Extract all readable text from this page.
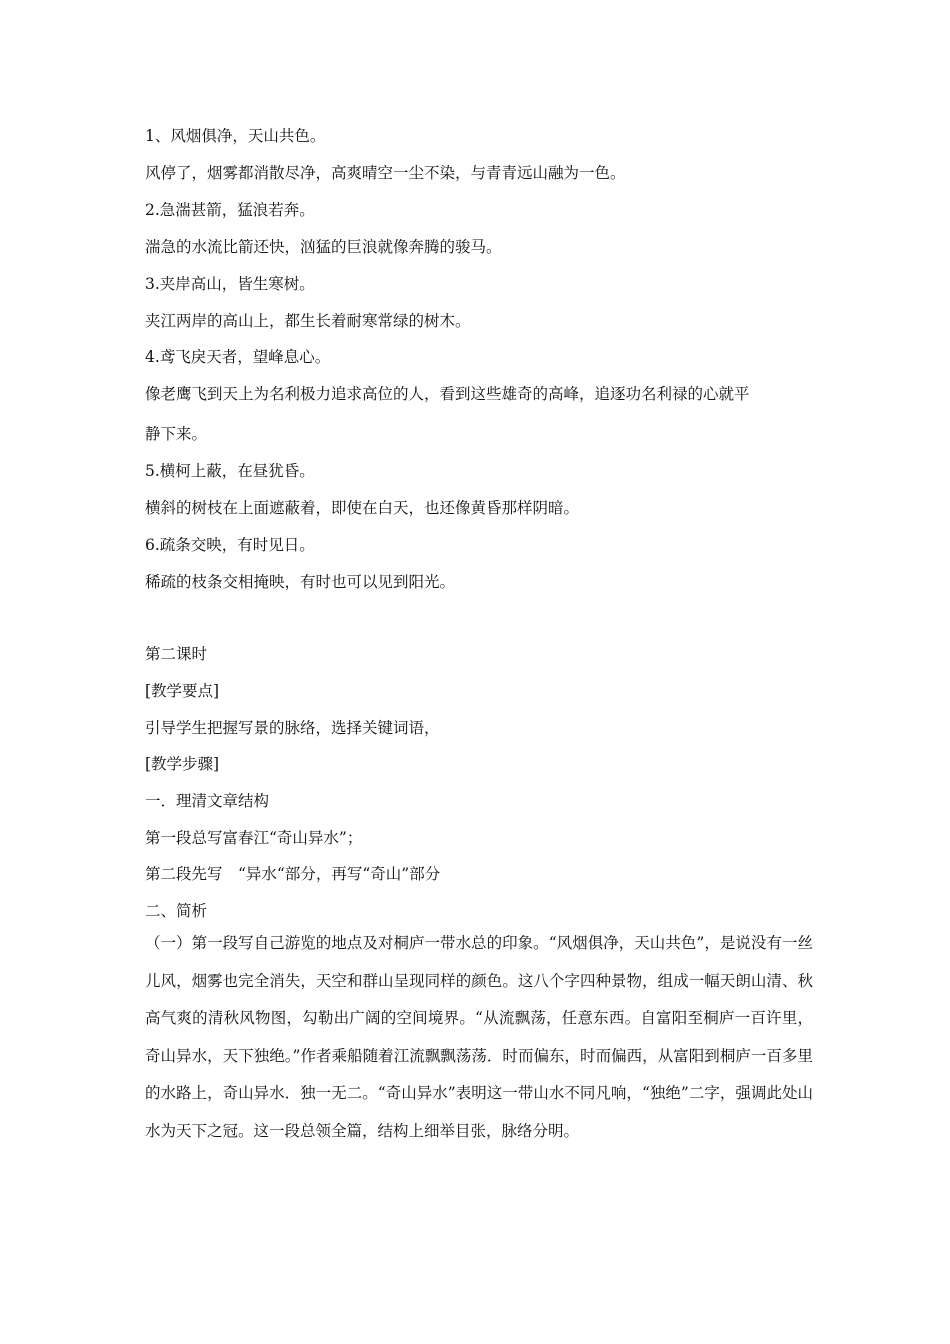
1、风烟俱净，天山共色。
风停了，烟雾都消散尽净，高爽晴空一尘不染，与青青远山融为一色。
2.急湍甚箭，猛浪若奔。
湍急的水流比箭还快，汹猛的巨浪就像奔腾的骏马。
3.夹岸高山，皆生寒树。
夹江两岸的高山上，都生长着耐寒常绿的树木。
4.鸢飞戾天者，望峰息心。
像老鹰飞到天上为名利极力追求高位的人，看到这些雄奇的高峰，追逐功名利禄的心就平
静下来。
5.横柯上蔽，在昼犹昏。
横斜的树枝在上面遮蔽着，即使在白天，也还像黄昏那样阴暗。
6.疏条交映，有时见日。
稀疏的枝条交相掩映，有时也可以见到阳光。
第二课时
[教学要点]
引导学生把握写景的脉络，选择关键词语，
[教学步骤]
一．理清文章结构
第一段总写富春江“奇山异水”；
第二段先写　“异水“部分，再写“奇山”部分
二、简析
（一）第一段写自己游览的地点及对桐庐一带水总的印象。“风烟俱净，天山共色”，是说没有一丝儿风，烟雾也完全消失，天空和群山呈现同样的颜色。这八个字四种景物，组成一幅天朗山清、秋高气爽的清秋风物图，勾勒出广阔的空间境界。“从流飘荡，任意东西。自富阳至桐庐一百许里，奇山异水，天下独绝。”作者乘船随着江流飘飘荡荡．时而偏东，时而偏西，从富阳到桐庐一百多里的水路上，奇山异水．独一无二。“奇山异水”表明这一带山水不同凡响，“独绝”二字，强调此处山水为天下之冠。这一段总领全篇，结构上细举目张，脉络分明。
